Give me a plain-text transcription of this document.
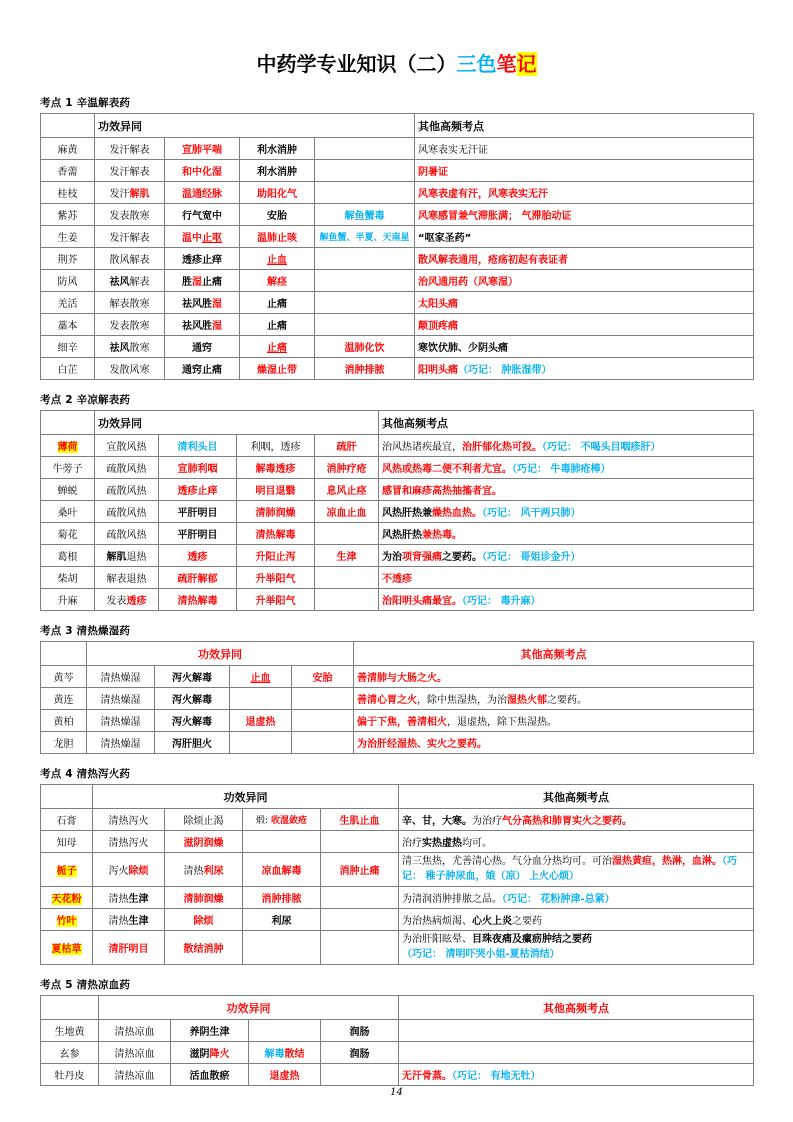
中药学专业知识（二）三色笔记
考点 1 辛温解表药
	功效异同				其他高频考点
麻黄	发汗解表	宣肺平喘	利水消肿		风寒表实无汗证
香薷	发汗解表	和中化湿	利水消肿		阴暑证
桂枝	发汗解肌	温通经脉	助阳化气		风寒表虚有汗，风寒表实无汗
紫苏	发表散寒	行气宽中	安胎	解鱼蟹毒	风寒感冒兼气滞胀满； 气滞胎动证
生姜	发汗解表	温中止呕	温肺止咳	解鱼蟹、半夏、天南星	“呕家圣药”
荆芥	散风解表	透疹止痒	止血		散风解表通用，疮疡初起有表证者
防风	祛风解表	胜湿止痛	解痉		治风通用药（风寒湿）
羌活	解表散寒	祛风胜湿	止痛		太阳头痛
藁本	发表散寒	祛风胜湿	止痛		颠顶疼痛
细辛	祛风散寒	通窍	止痛	温肺化饮	寒饮伏肺、少阴头痛
白芷	发散风寒	通窍止痛	燥湿止带	消肿排脓	阳明头痛（巧记： 肿胀湿带）
考点 2 辛凉解表药
	功效异同				其他高频考点
薄荷	宣散风热	清利头目	利咽，透疹	疏肝	治风热诸疾最宜，治肝郁化热可投。（巧记： 不喝头目咽疹肝）
牛蒡子	疏散风热	宣肺利咽	解毒透疹	消肿疗疮	风热或热毒二便不利者尤宜。（巧记： 牛毒肺疮棒）
蝉蜕	疏散风热	透疹止痒	明目退翳	息风止痉	感冒和麻疹高热抽搐者宜。
桑叶	疏散风热	平肝明目	清肺润燥	凉血止血	风热肝热兼燥热血热。（巧记： 风干两只肺）
菊花	疏散风热	平肝明目	清热解毒		风热肝热兼热毒。
葛根	解肌退热	透疹	升阳止泻	生津	为治项背强痛之要药。（巧记： 哥姐诊金升）
柴胡	解表退热	疏肝解郁	升举阳气		不透疹
升麻	发表透疹	清热解毒	升举阳气		治阳明头痛最宜。（巧记： 毒升麻）
考点 3 清热燥湿药
	功效异同				其他高频考点
黄芩	清热燥湿	泻火解毒	止血	安胎	善清肺与大肠之火。
黄连	清热燥湿	泻火解毒			善清心胃之火，除中焦湿热，为治湿热火郁之要药。
黄柏	清热燥湿	泻火解毒	退虚热		偏于下焦，善清相火，退虚热，除下焦湿热。
龙胆	清热燥湿	泻肝胆火			为治肝经湿热、实火之要药。
考点 4 清热泻火药
	功效异同				其他高频考点
石膏	清热泻火	除烦止渴	煅: 收湿敛疮	生肌止血	辛、甘，大寒。为治疗气分高热和肺胃实火之要药。
知母	清热泻火	滋阴润燥			治疗实热虚热均可。
栀子	泻火除烦	清热利尿	凉血解毒	消肿止痛	清三焦热，尤善清心热。气分血分热均可。可治湿热黄疸，热淋，血淋。（巧记： 稚子肿尿血，娘（凉） 上火心烦）
天花粉	清热生津	清肺润燥	消肿排脓		为清润消肿排脓之品。（巧记： 花粉肿津-总紧）
竹叶	清热生津	除烦	利尿		为治热病烦渴、心火上炎之要药
夏枯草	清肝明目	散结消肿			为治肝阳眩晕、目珠夜痛及瘰疬肿结之要药
（巧记： 清明吓哭小姐-夏枯消结）
考点 5 清热凉血药
	功效异同				其他高频考点
生地黄	清热凉血	养阴生津		润肠	
玄参	清热凉血	滋阴降火	解毒散结	润肠	
牡丹皮	清热凉血	活血散瘀	退虚热		无汗骨蒸。（巧记： 有地无牡）
14
